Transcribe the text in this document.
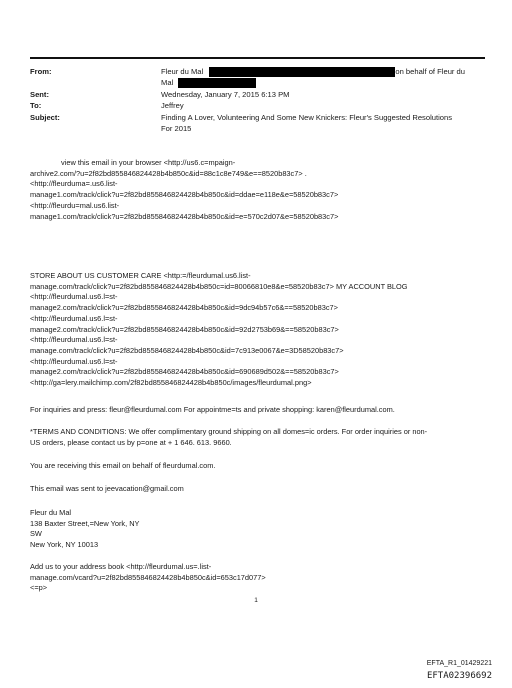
From:	Fleur du Mal	on behalf of Fleur du
Mal
Sent:	Wednesday, January 7, 2015 6:13 PM
To:	Jeffrey
Subject:	Finding A Lover, Volunteering And Some New Knickers: Fleur's Suggested Resolutions
For 2015

view this email in your browser <http://us6.c=mpaign-

archive2.com/?u=2f82bd855846824428b4b850c&id=88c1c8e749&e==8520b83c7> .

<http://fleurduma=.us6.list-

manage1.com/track/click?u=2f82bd855846824428b4b850c&id=ddae=e118e&e=58520b83c7>

<http://fleurdu=mal.us6.list-

manage1.com/track/click?u=2f82bd855846824428b4b850c&id=e=570c2d07&e=58520b83c7>

STORE ABOUT US CUSTOMER CARE <http:=/fleurdumal.us6.list-

manage.com/track/click?u=2f82bd855846824428b4b850c=id=80066810e8&e=58520b83c7> MY ACCOUNT BLOG

<http://fleurdumal.us6.l=st-

manage2.com/track/click?u=2f82bd855846824428b4b850c&id=9dc94b57c6&==58520b83c7>

<http://fleurdumal.us6.l=st-

manage2.com/track/click?u=2f82bd855846824428b4b850c&id=92d2753b69&==58520b83c7>

<http://fleurdumal.us6.l=st-

manage.com/track/click?u=2f82bd855846824428b4b850c&id=7c913e0067&e=3D58520b83c7>

<http://fleurdumal.us6.l=st-

manage2.com/track/click?u=2f82bd855846824428b4b850c&id=690689d502&==58520b83c7>

<http://ga=lery.mailchimp.com/2f82bd855846824428b4b850c/images/fleurdumal.png>

For inquiries and press: fleur@fleurdumal.com For appointme=ts and private shopping: karen@fleurdumal.com.

*TERMS AND CONDITIONS: We offer complimentary ground shipping on all domes=ic orders. For order inquiries or non-

US orders, please contact us by p=one at + 1 646. 613. 9660.

You are receiving this email on behalf of fleurdumal.com.

This email was sent to jeevacation@gmail.com

Fleur du Mal

138 Baxter Street,=New York, NY

SW

New York, NY 10013

Add us to your address book <http://fleurdumal.us=.list-

manage.com/vcard?u=2f82bd855846824428b4b850c&id=653c17d077>

<=p>

1
EFTA_R1_01429221
EFTA02396692
